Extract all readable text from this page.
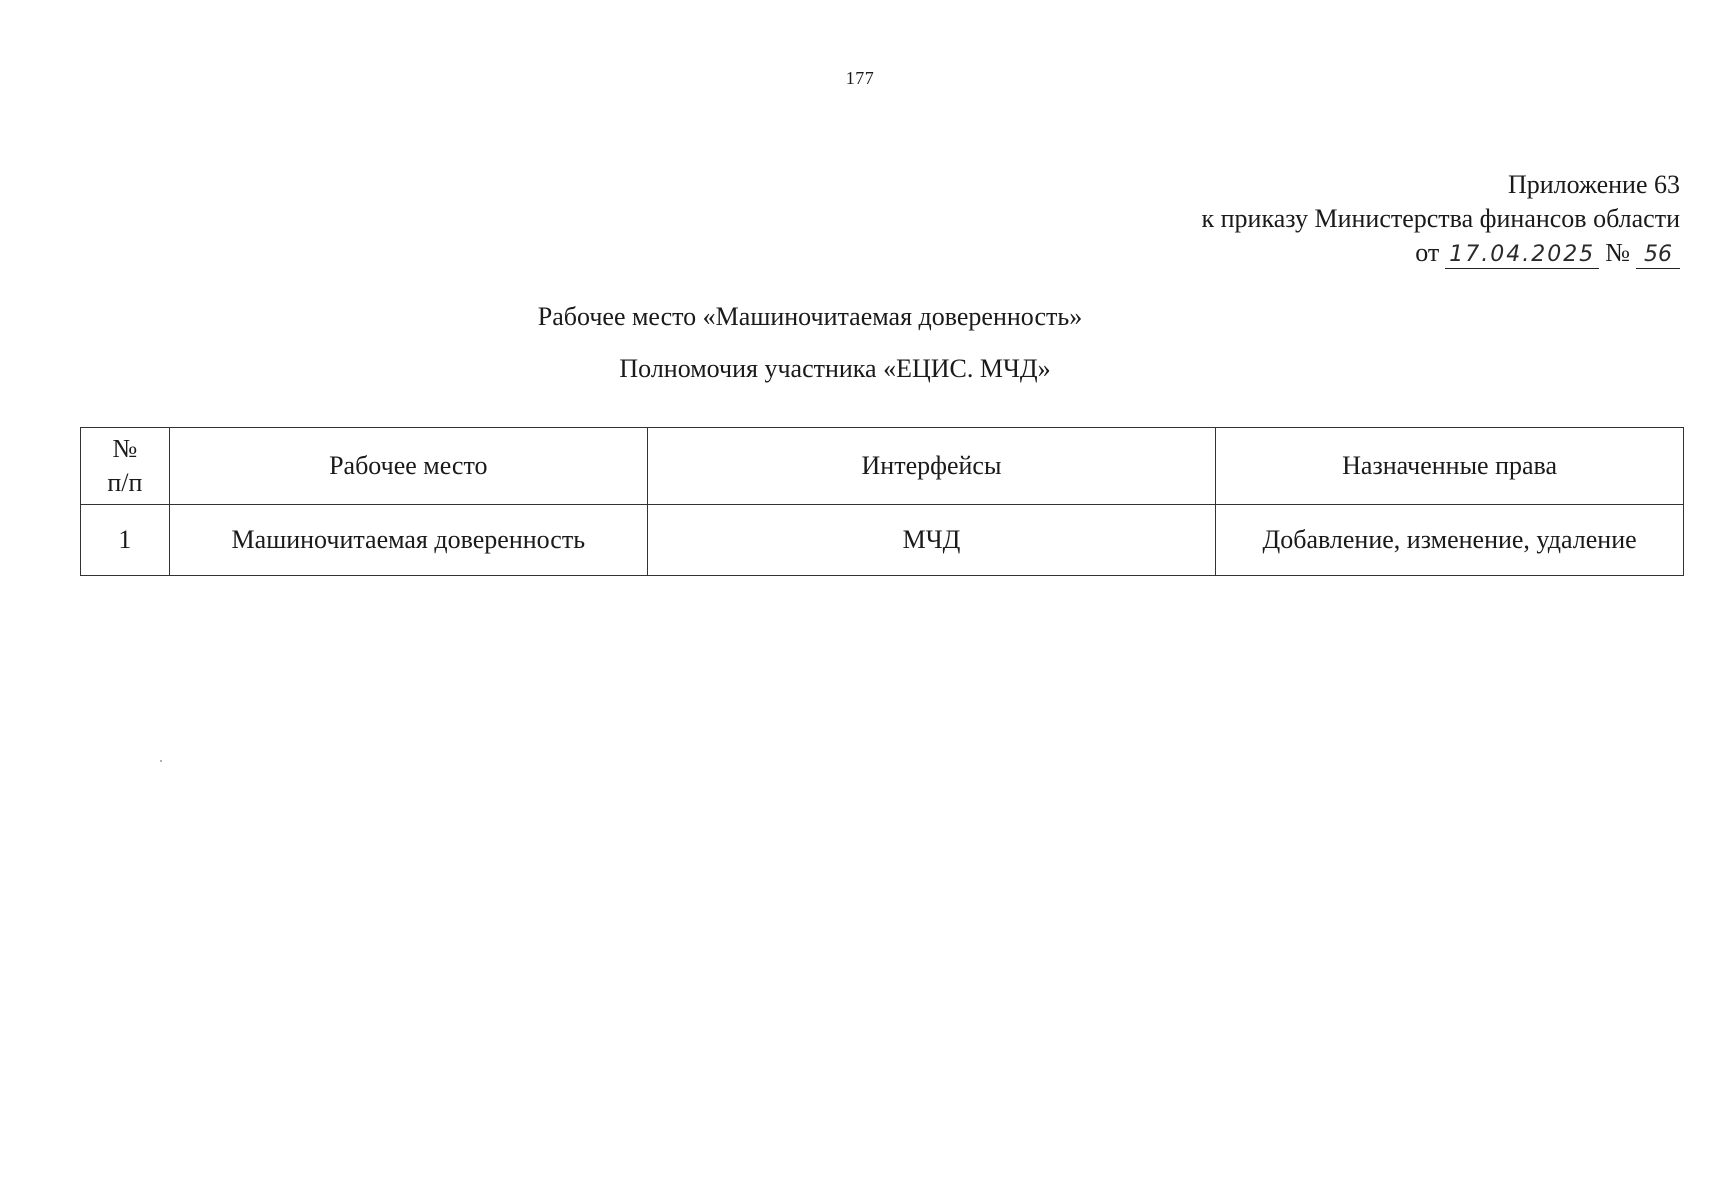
177
Приложение 63
к приказу Министерства финансов области
от 17.04.2025 № 56
Рабочее место «Машиночитаемая доверенность»
Полномочия участника «ЕЦИС. МЧД»
№
п/п	Рабочее место	Интерфейсы	Назначенные права
1	Машиночитаемая доверенность	МЧД	Добавление, изменение, удаление
